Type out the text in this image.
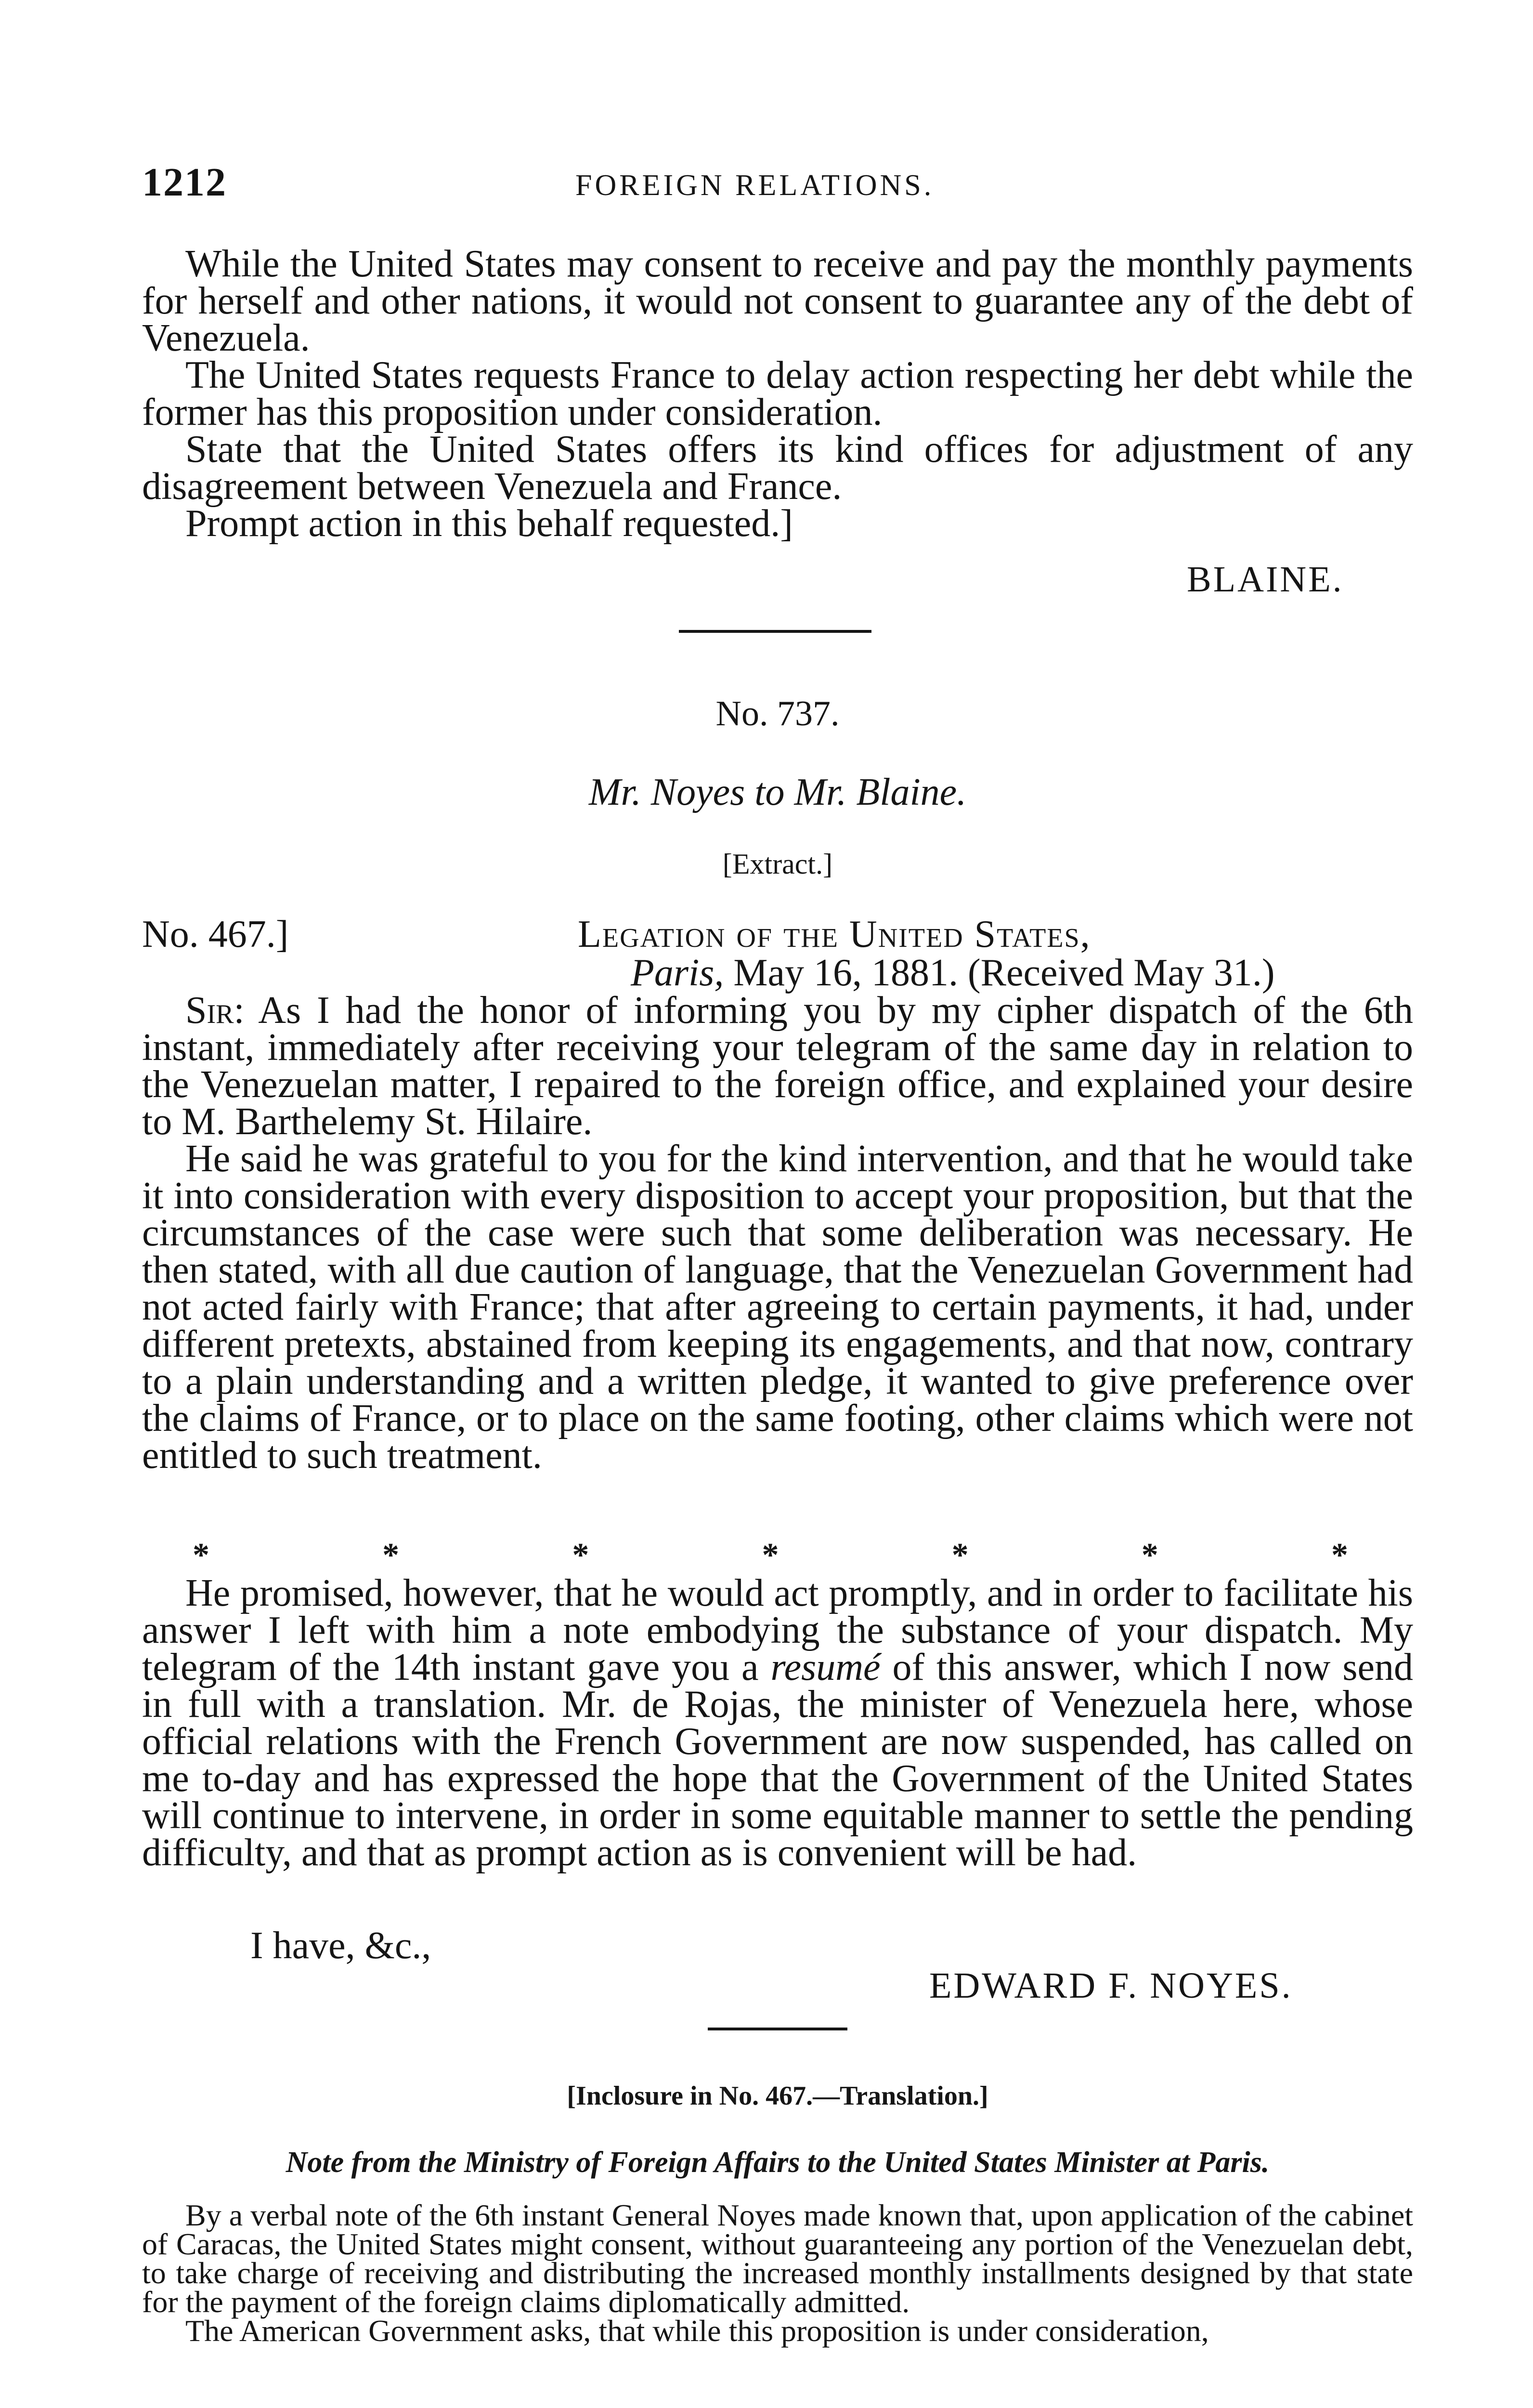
1212	FOREIGN RELATIONS.

While the United States may consent to receive and pay the monthly payments for herself and other nations, it would not consent to guarantee any of the debt of Venezuela.

The United States requests France to delay action respecting her debt while the former has this proposition under consideration.

State that the United States offers its kind offices for adjustment of any disagreement between Venezuela and France.

Prompt action in this behalf requested.]

BLAINE.
No. 737.
Mr. Noyes to Mr. Blaine.
[Extract.]
No. 467.]	Legation of the United States,
Paris, May 16, 1881. (Received May 31.)

Sir: As I had the honor of informing you by my cipher dispatch of the 6th instant, immediately after receiving your telegram of the same day in relation to the Venezuelan matter, I repaired to the foreign office, and explained your desire to M. Barthelemy St. Hilaire.

He said he was grateful to you for the kind intervention, and that he would take it into consideration with every disposition to accept your proposition, but that the circumstances of the case were such that some deliberation was necessary. He then stated, with all due caution of language, that the Venezuelan Government had not acted fairly with France; that after agreeing to certain payments, it had, under different pretexts, abstained from keeping its engagements, and that now, contrary to a plain understanding and a written pledge, it wanted to give preference over the claims of France, or to place on the same footing, other claims which were not entitled to such treatment.

*	*	*	*	*	*	*

He promised, however, that he would act promptly, and in order to facilitate his answer I left with him a note embodying the substance of your dispatch. My telegram of the 14th instant gave you a resumé of this answer, which I now send in full with a translation. Mr. de Rojas, the minister of Venezuela here, whose official relations with the French Government are now suspended, has called on me to-day and has expressed the hope that the Government of the United States will continue to intervene, in order in some equitable manner to settle the pending difficulty, and that as prompt action as is convenient will be had.

I have, &c.,
EDWARD F. NOYES.
[Inclosure in No. 467.—Translation.]
Note from the Ministry of Foreign Affairs to the United States Minister at Paris.

By a verbal note of the 6th instant General Noyes made known that, upon application of the cabinet of Caracas, the United States might consent, without guaranteeing any portion of the Venezuelan debt, to take charge of receiving and distributing the increased monthly installments designed by that state for the payment of the foreign claims diplomatically admitted.

The American Government asks, that while this proposition is under consideration,
